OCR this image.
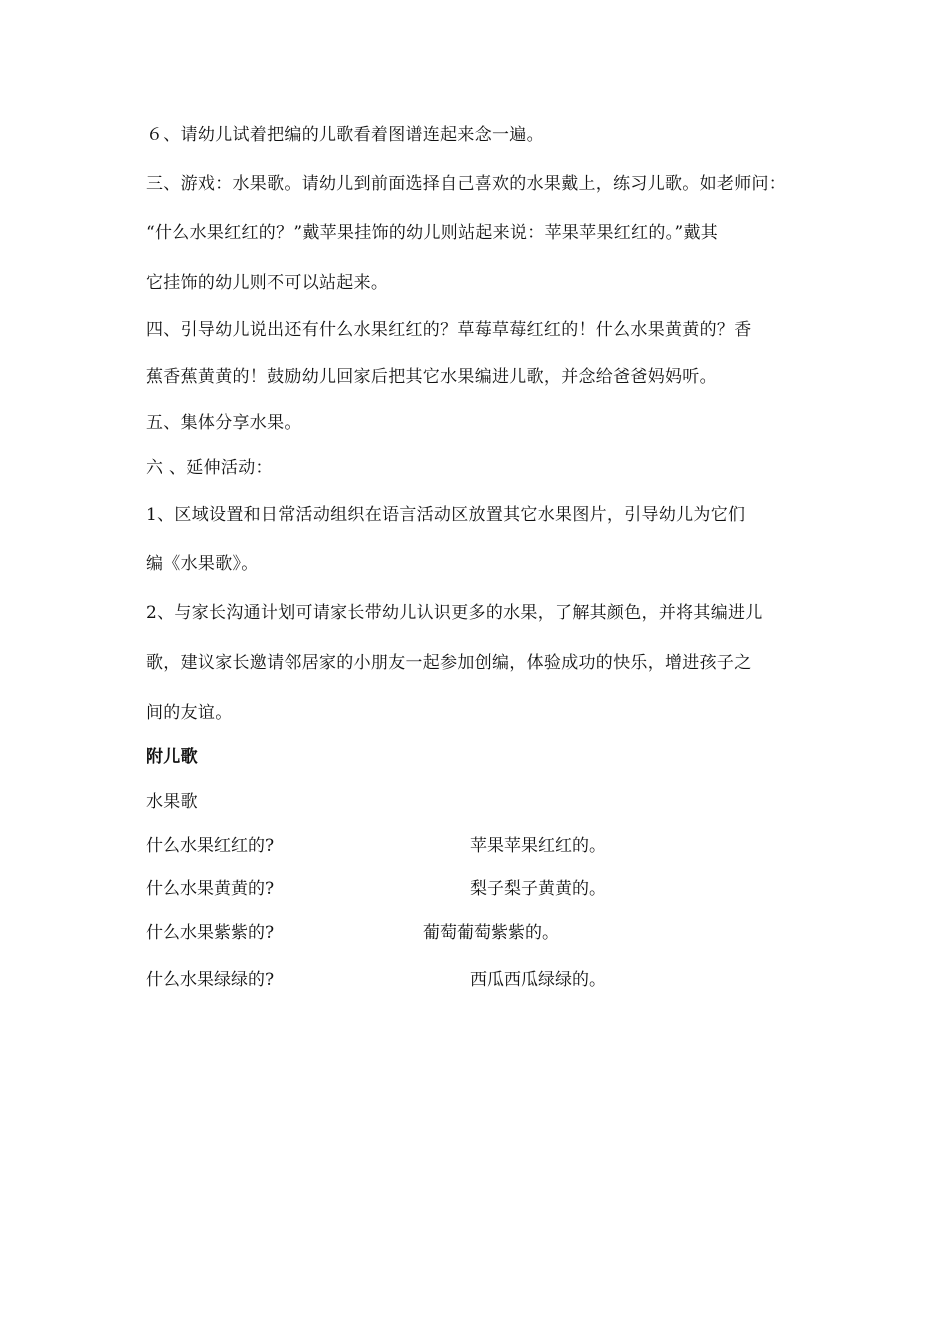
６、请幼儿试着把编的儿歌看着图谱连起来念一遍。
三、游戏：水果歌。请幼儿到前面选择自己喜欢的水果戴上，练习儿歌。如老师问：
“什么水果红红的？”戴苹果挂饰的幼儿则站起来说：苹果苹果红红的。”戴其
它挂饰的幼儿则不可以站起来。
四、引导幼儿说出还有什么水果红红的？草莓草莓红红的！什么水果黄黄的？香
蕉香蕉黄黄的！鼓励幼儿回家后把其它水果编进儿歌，并念给爸爸妈妈听。
五、集体分享水果。
六 、延伸活动：
1、区域设置和日常活动组织在语言活动区放置其它水果图片，引导幼儿为它们
编《水果歌》。
2、与家长沟通计划可请家长带幼儿认识更多的水果，了解其颜色，并将其编进儿
歌，建议家长邀请邻居家的小朋友一起参加创编，体验成功的快乐，增进孩子之
间的友谊。
附儿歌
水果歌
什么水果红红的?	苹果苹果红红的。
什么水果黄黄的?	梨子梨子黄黄的。
什么水果紫紫的?	葡萄葡萄紫紫的。
什么水果绿绿的?	西瓜西瓜绿绿的。
